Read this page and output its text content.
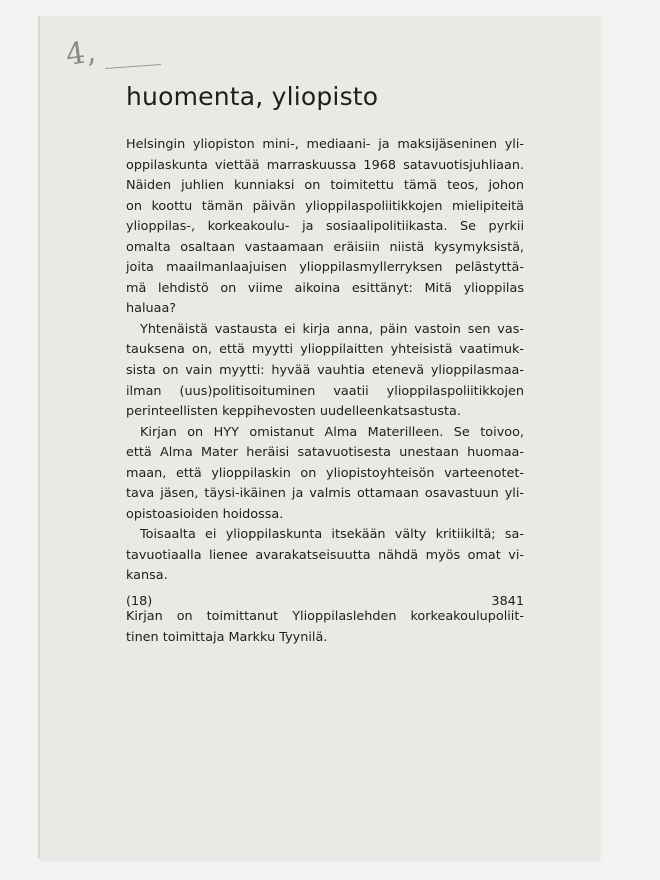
4,
huomenta, yliopisto
Helsingin yliopiston mini-, mediaani- ja maksijäseninen yli-
oppilaskunta viettää marraskuussa 1968 satavuotisjuhliaan.
Näiden juhlien kunniaksi on toimitettu tämä teos, johon
on koottu tämän päivän ylioppilaspoliitikkojen mielipiteitä
ylioppilas-, korkeakoulu- ja sosiaalipolitiikasta. Se pyrkii
omalta osaltaan vastaamaan eräisiin niistä kysymyksistä,
joita maailmanlaajuisen ylioppilasmyllerryksen pelästyttä-
mä lehdistö on viime aikoina esittänyt: Mitä ylioppilas
haluaa?
Yhtenäistä vastausta ei kirja anna, päin vastoin sen vas-
tauksena on, että myytti ylioppilaitten yhteisistä vaatimuk-
sista on vain myytti: hyvää vauhtia etenevä ylioppilasmaa-
ilman (uus)politisoituminen vaatii ylioppilaspoliitikkojen
perinteellisten keppihevosten uudelleenkatsastusta.
Kirjan on HYY omistanut Alma Materilleen. Se toivoo,
että Alma Mater heräisi satavuotisesta unestaan huomaa-
maan, että ylioppilaskin on yliopistoyhteisön varteenotet-
tava jäsen, täysi-ikäinen ja valmis ottamaan osavastuun yli-
opistoasioiden hoidossa.
Toisaalta ei ylioppilaskunta itsekään välty kritiikiltä; sa-
tavuotiaalla lienee avarakatseisuutta nähdä myös omat vi-
kansa.
Kirjan on toimittanut Ylioppilaslehden korkeakoulupoliit-
tinen toimittaja Markku Tyynilä.
(18)	3841
